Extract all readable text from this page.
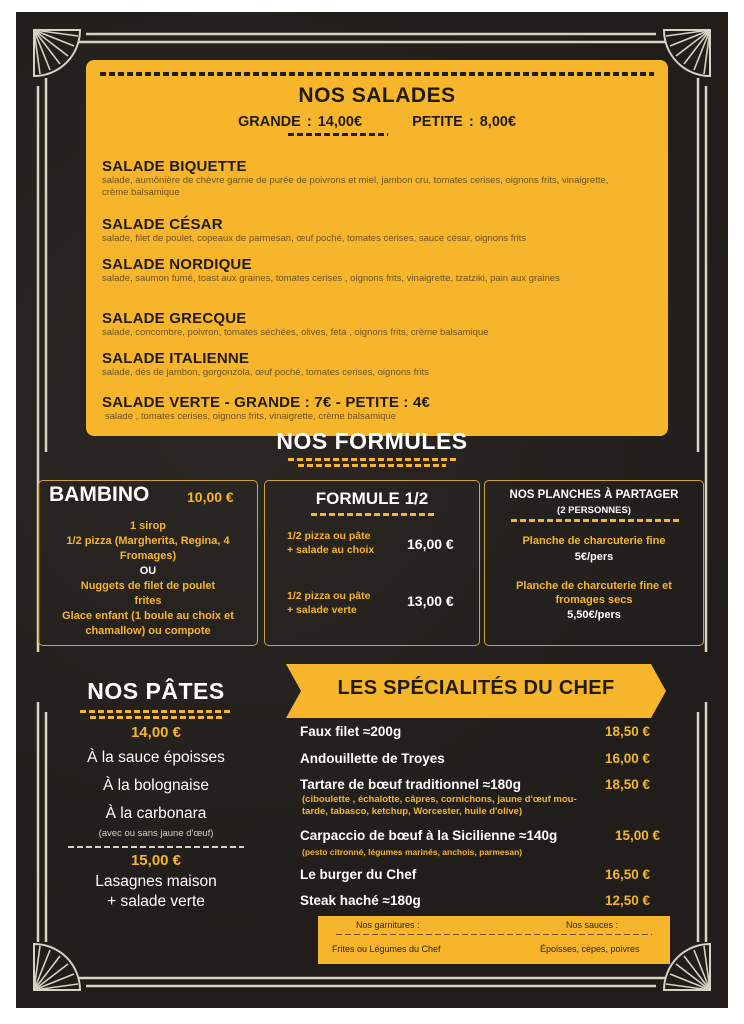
NOS SALADES
GRANDE : 14,00€	PETITE : 8,00€
SALADE BIQUETTE
salade, aumônière de chèvre garnie de purée de poivrons et miel, jambon cru, tomates cerises, oignons frits, vinaigrette, crème balsamique
SALADE CÉSAR
salade, filet de poulet, copeaux de parmesan, œuf poché, tomates cerises, sauce césar, oignons frits
SALADE NORDIQUE
salade, saumon fumé, toast aux graines, tomates cerises , oignons frits, vinaigrette, tzatziki, pain aux graines
SALADE GRECQUE
salade, concombre, poivron, tomates séchées, olives, feta , oignons frits, crème balsamique
SALADE ITALIENNE
salade, dés de jambon, gorgonzola, œuf poché, tomates cerises, oignons frits
SALADE VERTE - GRANDE : 7€ - PETITE : 4€
salade , tomates cerises, oignons frits, vinaigrette, crème balsamique
NOS FORMULES
BAMBINO	10,00 €
1 sirop
1/2 pizza (Margherita, Regina, 4
Fromages)
OU
Nuggets de filet de poulet
frites
Glace enfant (1 boule au choix et
chamallow) ou compote
FORMULE 1/2
1/2 pizza ou pâte
+ salade au choix 16,00 €
1/2 pizza ou pâte
+ salade verte
13,00 €
NOS PLANCHES À PARTAGER
(2 PERSONNES)
Planche de charcuterie fine
5€/pers
Planche de charcuterie fine et
fromages secs
5,50€/pers
NOS PÂTES
14,00 €
À la sauce époisses
À la bolognaise
À la carbonara
(avec ou sans jaune d'œuf)
15,00 €
Lasagnes maison
+ salade verte
LES SPÉCIALITÉS DU CHEF
Faux filet ≈200g	18,50 €
Andouillette de Troyes	16,00 €
Tartare de bœuf traditionnel ≈180g	18,50 €
(ciboulette , échalotte, câpres, cornichons, jaune d'œuf mou-
tarde, tabasco, ketchup, Worcester, huile d'olive)
Carpaccio de bœuf à la Sicilienne ≈140g	15,00 €
(pesto citronné, légumes marinés, anchois, parmesan)
Le burger du Chef	16,50 €
Steak haché ≈180g	12,50 €
Nos garnitures :	Nos sauces :
Frites ou Légumes du Chef	Époisses, cèpes, poivres
